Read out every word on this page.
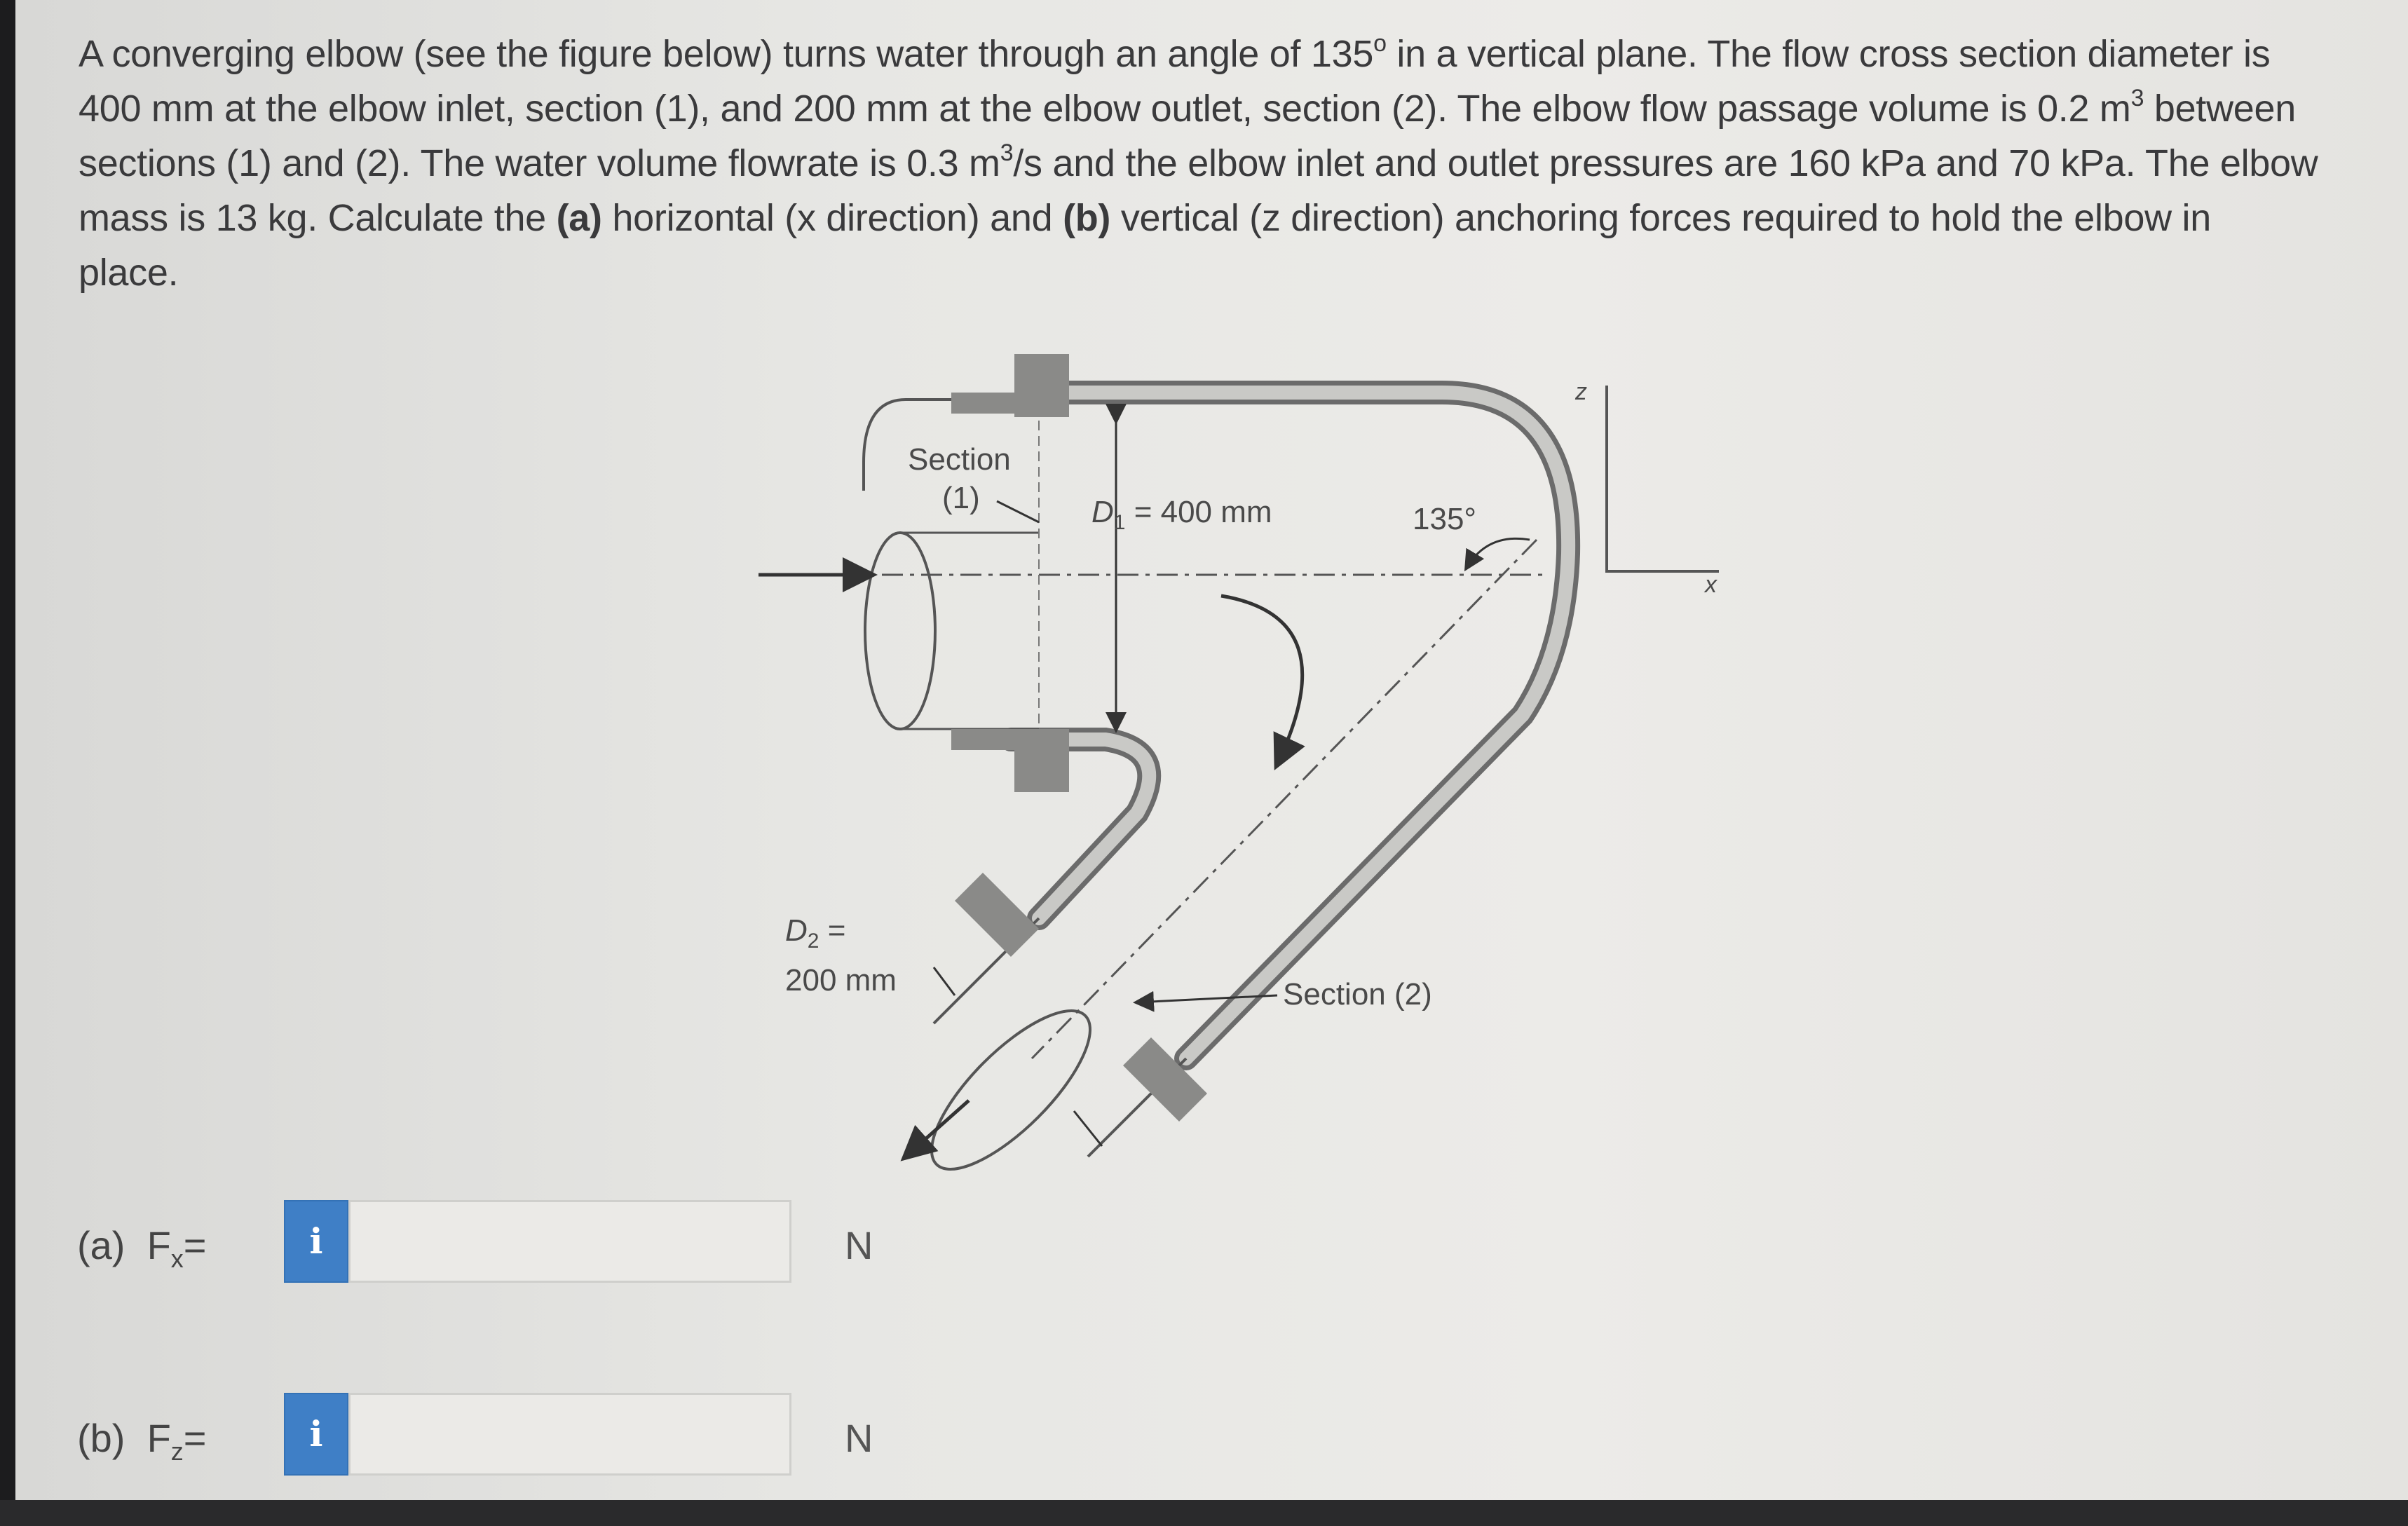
A converging elbow (see the figure below) turns water through an angle of 135$^o$ in a vertical plane. The flow cross section diameter is
400 mm at the elbow inlet, section (1), and 200 mm at the elbow outlet, section (2). The elbow flow passage volume is 0.2 $m^3$ between
sections (1) and (2). The water volume flowrate is 0.3 $m^3/s$ and the elbow inlet and outlet pressures are 160 kPa and 70 kPa. The elbow
mass is 13 kg. Calculate the (a) horizontal (x direction) and (b) vertical (z direction) anchoring forces required to hold the elbow in
place.
Section
(1)	$D_1 = 400$ mm	135°
z
x
$D_2$ =
200 mm	Section (2)
(a) $F_x=$	i	N
(b) $F_z=$	i	N
